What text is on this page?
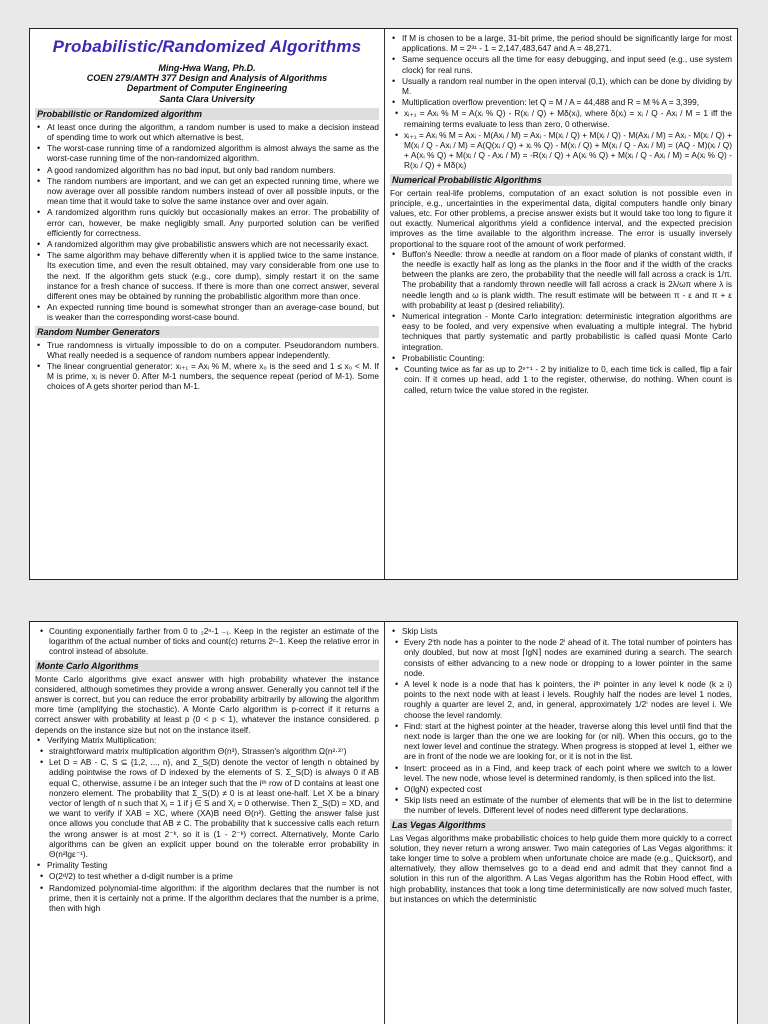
Probabilistic/Randomized Algorithms
Ming-Hwa Wang, Ph.D.
COEN 279/AMTH 377 Design and Analysis of Algorithms
Department of Computer Engineering
Santa Clara University
Probabilistic or Randomized algorithm
• At least once during the algorithm, a random number is used to make a decision instead of spending time to work out which alternative is best.
• The worst-case running time of a randomized algorithm is almost always the same as the worst-case running time of the non-randomized algorithm.
• A good randomized algorithm has no bad input, but only bad random numbers.
• The random numbers are important, and we can get an expected running time, where we now average over all possible random numbers instead of over all possible inputs, or the mean time that it would take to solve the same instance over and over again.
• A randomized algorithm runs quickly but occasionally makes an error. The probability of error can, however, be make negligibly small. Any purported solution can be verified efficiently for correctness.
• A randomized algorithm may give probabilistic answers which are not necessarily exact.
• The same algorithm may behave differently when it is applied twice to the same instance. Its execution time, and even the result obtained, may vary considerable from one use to the next. If the algorithm gets stuck (e.g., core dump), simply restart it on the same instance for a fresh chance of success. If there is more than one correct answer, several different ones may be obtained by running the probabilistic algorithm more than once.
• An expected running time bound is somewhat stronger than an average-case bound, but is weaker than the corresponding worst-case bound.
Random Number Generators
• True randomness is virtually impossible to do on a computer. Pseudorandom numbers. What really needed is a sequence of random numbers appear independently.
• The linear congruential generator: xᵢ₊₁ = Axᵢ % M, where x₀ is the seed and 1 ≤ x₀ < M. If M is prime, xᵢ is never 0. After M-1 numbers, the sequence repeat (period of M-1). Some choices of A gets shorter period than M-1.
• If M is chosen to be a large, 31-bit prime, the period should be significantly large for most applications. M = 2³¹ - 1 = 2,147,483,647 and A = 48,271.
• Same sequence occurs all the time for easy debugging, and input seed (e.g., use system clock) for real runs.
• Usually a random real number in the open interval (0,1), which can be done by dividing by M.
• Multiplication overflow prevention: let Q = M / A = 44,488 and R = M % A = 3,399,
• xᵢ₊₁ = Axᵢ % M = A(xᵢ % Q) - R(xᵢ / Q) + Mδ(xᵢ), where δ(xᵢ) = xᵢ / Q - Axᵢ / M = 1 iff the remaining terms evaluate to less than zero, 0 otherwise.
• xᵢ₊₁ = Axᵢ % M = Axᵢ - M(Axᵢ / M) = Axᵢ - M(xᵢ / Q) + M(xᵢ / Q) - M(Axᵢ / M) = Axᵢ - M(xᵢ / Q) + M(xᵢ / Q - Axᵢ / M) = A(Q(xᵢ / Q) + xᵢ % Q) - M(xᵢ / Q) + M(xᵢ / Q - Axᵢ / M) = (AQ - M)(xᵢ / Q) + A(xᵢ % Q) + M(xᵢ / Q - Axᵢ / M) = -R(xᵢ / Q) + A(xᵢ % Q) + M(xᵢ / Q - Axᵢ / M) = A(xᵢ % Q) - R(xᵢ / Q) + Mδ(xᵢ)
Numerical Probabilistic Algorithms

For certain real-life problems, computation of an exact solution is not possible even in principle, e.g., uncertainties in the experimental data, digital computers handle only binary values, etc. For other problems, a precise answer exists but it would take too long to figure it out exactly. Numerical algorithms yield a confidence interval, and the expected precision improves as the time available to the algorithm increase. The error is usually inversely proportional to the square root of the amount of work performed.

• Buffon's Needle: throw a needle at random on a floor made of planks of constant width, if the needle is exactly half as long as the planks in the floor and if the width of the cracks between the planks are zero, the probability that the needle will fall across a crack is 1/π. The probability that a randomly thrown needle will fall across a crack is 2λ/ωπ where λ is needle length and ω is plank width. The result estimate will be between π - ε and π + ε with probability at least p (desired reliability).
• Numerical integration - Monte Carlo integration: deterministic integration algorithms are easy to be fooled, and very expensive when evaluating a multiple integral. The hybrid techniques that partly systematic and partly probabilistic is called quasi Monte Carlo integration.
• Probabilistic Counting:
• Counting twice as far as up to 2ⁿ⁺¹ - 2 by initialize to 0, each time tick is called, flip a fair coin. If it comes up head, add 1 to the register, otherwise, do nothing. When count is called, return twice the value stored in the register.
• Counting exponentially farther from 0 to ₂2ⁿ-1 ₋₁. Keep in the register an estimate of the logarithm of the actual number of ticks and count(c) returns 2ᶜ-1. Keep the relative error in control instead of absolute.
Monte Carlo Algorithms

Monte Carlo algorithms give exact answer with high probability whatever the instance considered, although sometimes they provide a wrong answer. Generally you cannot tell if the answer is correct, but you can reduce the error probability arbitrarily by allowing the algorithm more time (amplifying the stochastic). A Monte Carlo algorithm is p-correct if it returns a correct answer with probability at least p (0 < p < 1), whatever the instance considered. p depends on the instance size but not on the instance itself.

• Verifying Matrix Multiplication:
• straightforward matrix multiplication algorithm Θ(n³), Strassen's algorithm Ω(n²·³⁷)
• Let D = AB - C, S ⊆ {1,2, ..., n}, and Σ_S(D) denote the vector of length n obtained by adding pointwise the rows of D indexed by the elements of S. Σ_S(D) is always 0 if AB equal C, otherwise, assume i be an integer such that the iᵗʰ row of D contains at least one nonzero element. The probability that Σ_S(D) ≠ 0 is at least one-half. Let X be a binary vector of length of n such that Xⱼ = 1 if j ∈ S and Xⱼ = 0 otherwise. Then Σ_S(D) = XD, and we want to verify if XAB = XC, where (XA)B need Θ(n²). Getting the answer false just once allows you conclude that AB ≠ C. The probability that k successive calls each return the wrong answer is at most 2⁻ᵏ, so it is (1 - 2⁻ᵏ) correct. Alternatively, Monte Carlo algorithms can be given an explicit upper bound on the tolerable error probability in Θ(n²lgε⁻¹).
• Primality Testing
• O(2ᵈ/2) to test whether a d-digit number is a prime
• Randomized polynomial-time algorithm: if the algorithm declares that the number is not prime, then it is certainly not a prime. If the algorithm declares that the number is a prime, then with high
• Skip Lists
• Every 2ⁱth node has a pointer to the node 2ⁱ ahead of it. The total number of pointers has only doubled, but now at most ⌈lgN⌉ nodes are examined during a search. The search consists of either advancing to a new node or dropping to a lower pointer in the same node.
• A level k node is a node that has k pointers, the iᵗʰ pointer in any level k node (k ≥ i) points to the next node with at least i levels. Roughly half the nodes are level 1 nodes, roughly a quarter are level 2, and, in general, approximately 1/2ⁱ nodes are level i. We choose the level randomly.
• Find: start at the highest pointer at the header, traverse along this level until find that the next node is larger than the one we are looking for (or nil). When this occurs, go to the next lower level and continue the strategy. When progress is stopped at level 1, either we are in front of the node we are looking for, or it is not in the list.
• Insert: proceed as in a Find, and keep track of each point where we switch to a lower level. The new node, whose level is determined randomly, is then spliced into the list.
• O(lgN) expected cost
• Skip lists need an estimate of the number of elements that will be in the list to determine the number of levels. Different level of nodes need different type declarations.
Las Vegas Algorithms

Las Vegas algorithms make probabilistic choices to help guide them more quickly to a correct solution, they never return a wrong answer. Two main categories of Las Vegas algorithms: it take longer time to solve a problem when unfortunate choice are made (e.g., Quicksort), and alternatively, they allow themselves go to a dead end and admit that they cannot find a solution in this run of the algorithm. A Las Vegas algorithm has the Robin Hood effect, with high probability, instances that took a long time deterministically are now solved much faster, but instances on which the deterministic
